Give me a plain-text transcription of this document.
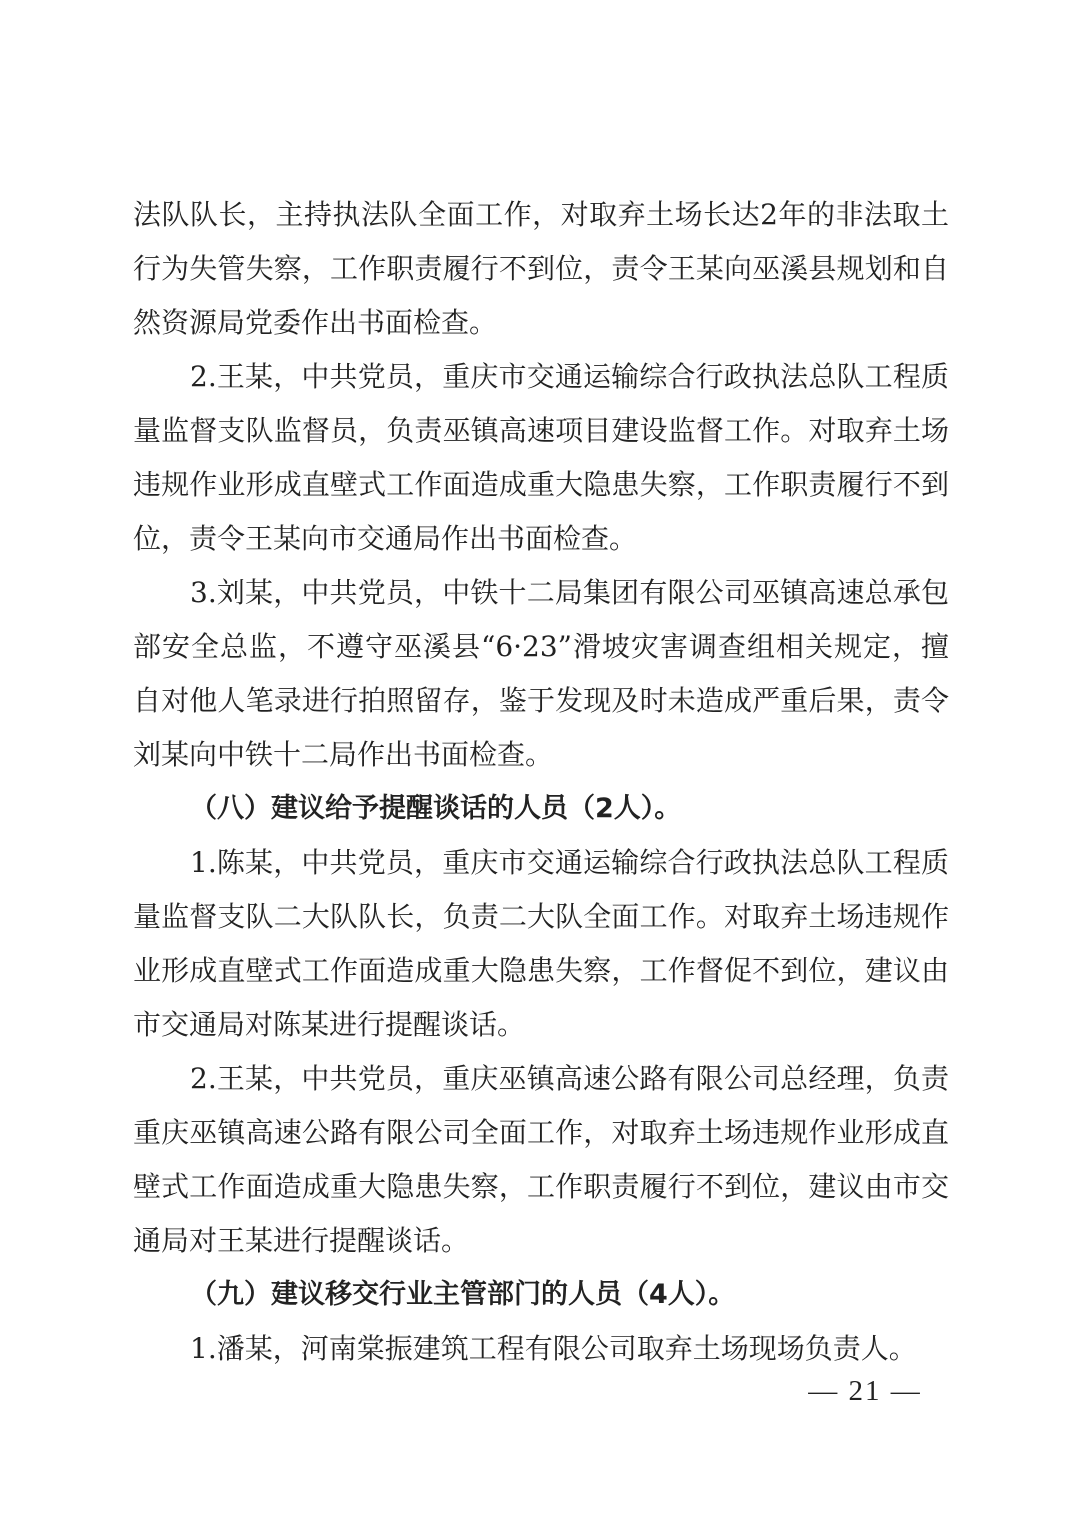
法队队长，主持执法队全面工作，对取弃土场长达2年的非法取土行为失管失察，工作职责履行不到位，责令王某向巫溪县规划和自然资源局党委作出书面检查。

2.王某，中共党员，重庆市交通运输综合行政执法总队工程质量监督支队监督员，负责巫镇高速项目建设监督工作。对取弃土场违规作业形成直壁式工作面造成重大隐患失察，工作职责履行不到位，责令王某向市交通局作出书面检查。

3.刘某，中共党员，中铁十二局集团有限公司巫镇高速总承包部安全总监，不遵守巫溪县“6·23”滑坡灾害调查组相关规定，擅自对他人笔录进行拍照留存，鉴于发现及时未造成严重后果，责令刘某向中铁十二局作出书面检查。

（八）建议给予提醒谈话的人员（2人）。

1.陈某，中共党员，重庆市交通运输综合行政执法总队工程质量监督支队二大队队长，负责二大队全面工作。对取弃土场违规作业形成直壁式工作面造成重大隐患失察，工作督促不到位，建议由市交通局对陈某进行提醒谈话。

2.王某，中共党员，重庆巫镇高速公路有限公司总经理，负责重庆巫镇高速公路有限公司全面工作，对取弃土场违规作业形成直壁式工作面造成重大隐患失察，工作职责履行不到位，建议由市交通局对王某进行提醒谈话。

（九）建议移交行业主管部门的人员（4人）。

1.潘某，河南棠振建筑工程有限公司取弃土场现场负责人。

— 21 —
